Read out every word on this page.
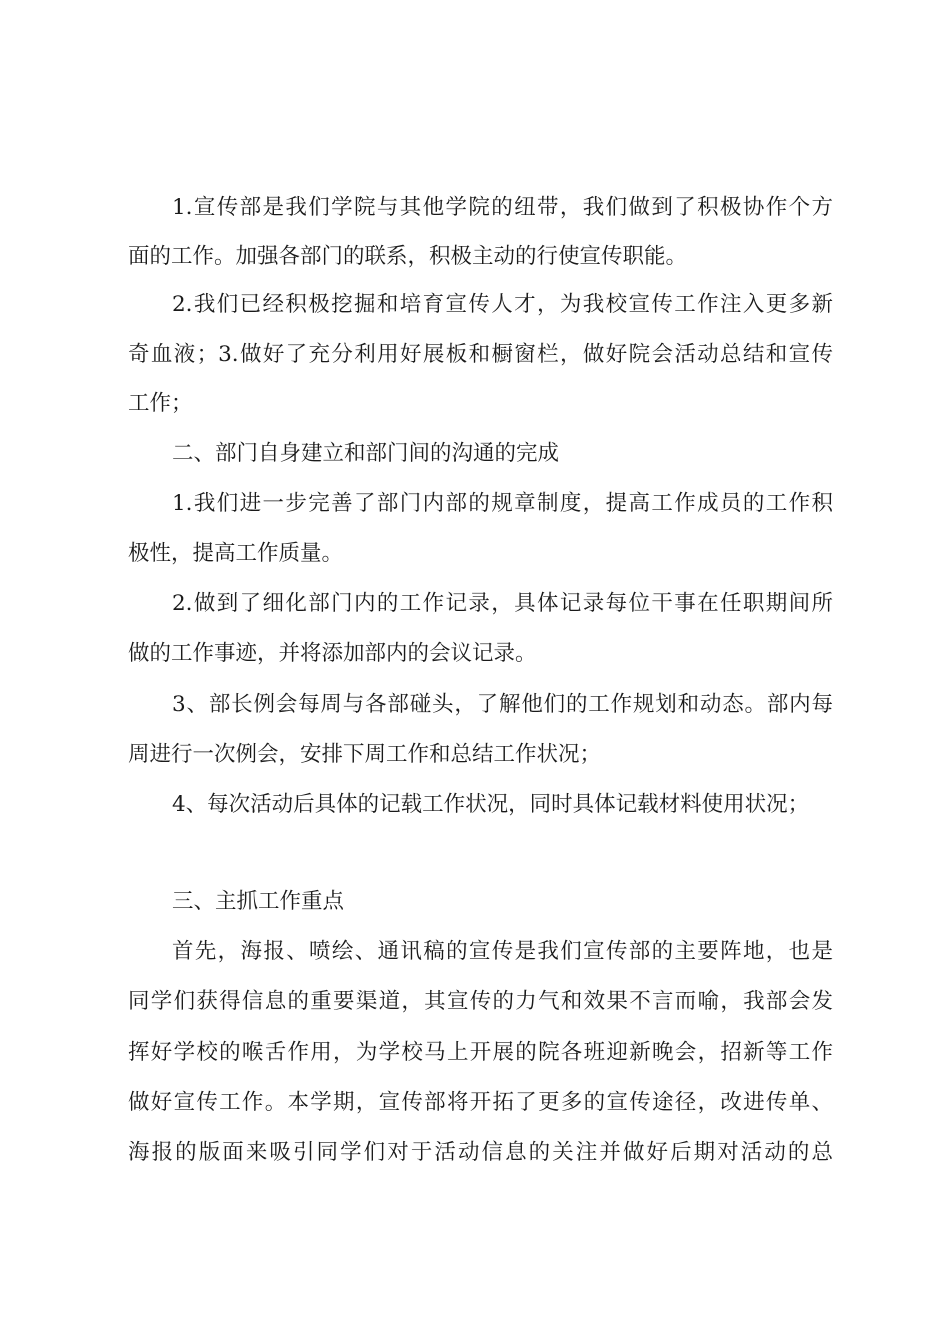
1.宣传部是我们学院与其他学院的纽带，我们做到了积极协作个方
面的工作。加强各部门的联系，积极主动的行使宣传职能。
2.我们已经积极挖掘和培育宣传人才，为我校宣传工作注入更多新
奇血液；3.做好了充分利用好展板和橱窗栏，做好院会活动总结和宣传
工作；
二、部门自身建立和部门间的沟通的完成
1.我们进一步完善了部门内部的规章制度，提高工作成员的工作积
极性，提高工作质量。
2.做到了细化部门内的工作记录，具体记录每位干事在任职期间所
做的工作事迹，并将添加部内的会议记录。
3、部长例会每周与各部碰头，了解他们的工作规划和动态。部内每
周进行一次例会，安排下周工作和总结工作状况；
4、每次活动后具体的记载工作状况，同时具体记载材料使用状况；
三、主抓工作重点
首先，海报、喷绘、通讯稿的宣传是我们宣传部的主要阵地，也是
同学们获得信息的重要渠道，其宣传的力气和效果不言而喻，我部会发
挥好学校的喉舌作用，为学校马上开展的院各班迎新晚会，招新等工作
做好宣传工作。本学期，宣传部将开拓了更多的宣传途径，改进传单、
海报的版面来吸引同学们对于活动信息的关注并做好后期对活动的总
